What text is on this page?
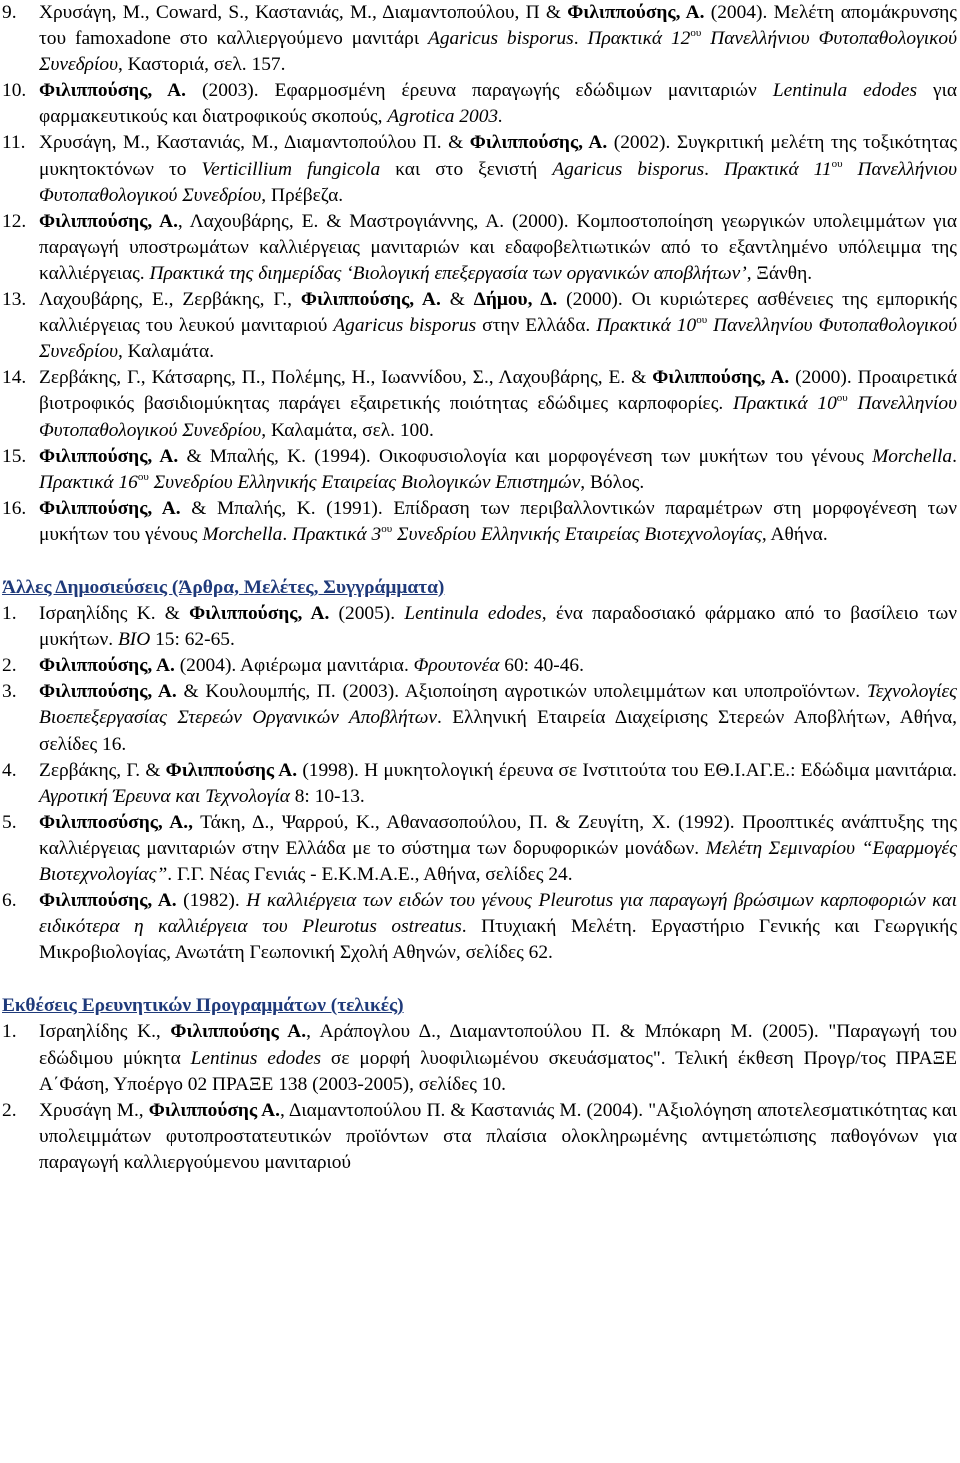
9. Χρυσάγη, Μ., Coward, S., Καστανιάς, Μ., Διαμαντοπούλου, Π & Φιλιππούσης, Α. (2004). Μελέτη απομάκρυνσης του famoxadone στο καλλιεργούμενο μανιτάρι Agaricus bisporus. Πρακτικά $12^{o\upsilon}$ Πανελλήνιου Φυτοπαθολογικού Συνεδρίου, Καστοριά, σελ. 157.
10. Φιλιππούσης, Α. (2003). Εφαρμοσμένη έρευνα παραγωγής εδώδιμων μανιταριών Lentinula edodes για φαρμακευτικούς και διατροφικούς σκοπούς, Agrotica 2003.
11. Χρυσάγη, Μ., Καστανιάς, Μ., Διαμαντοπούλου Π. & Φιλιππούσης, Α. (2002). Συγκριτική μελέτη της τοξικότητας μυκητοκτόνων το Verticillium fungicola και στο ξενιστή Agaricus bisporus. Πρακτικά $11^{o\upsilon}$ Πανελλήνιου Φυτοπαθολογικού Συνεδρίου, Πρέβεζα.
12. Φιλιππούσης, Α., Λαχουβάρης, Ε. & Μαστρογιάννης, Α. (2000). Κομποστοποίηση γεωργικών υπολειμμάτων για παραγωγή υποστρωμάτων καλλιέργειας μανιταριών και εδαφοβελτιωτικών από το εξαντλημένο υπόλειμμα της καλλιέργειας. Πρακτικά της διημερίδας ‘Βιολογική επεξεργασία των οργανικών αποβλήτων’, Ξάνθη.
13. Λαχουβάρης, Ε., Ζερβάκης, Γ., Φιλιππούσης, Α. & Δήμου, Δ. (2000). Οι κυριώτερες ασθένειες της εμπορικής καλλιέργειας του λευκού μανιταριού Agaricus bisporus στην Ελλάδα. Πρακτικά $10^{o\upsilon}$ Πανελληνίου Φυτοπαθολογικού Συνεδρίου, Καλαμάτα.
14. Ζερβάκης, Γ., Κάτσαρης, Π., Πολέμης, Η., Ιωαννίδου, Σ., Λαχουβάρης, Ε. & Φιλιππούσης, Α. (2000). Προαιρετικά βιοτροφικός βασιδιομύκητας παράγει εξαιρετικής ποιότητας εδώδιμες καρποφορίες. Πρακτικά $10^{o\upsilon}$ Πανελληνίου Φυτοπαθολογικού Συνεδρίου, Καλαμάτα, σελ. 100.
15. Φιλιππούσης, Α. & Μπαλής, Κ. (1994). Οικοφυσιολογία και μορφογένεση των μυκήτων του γένους Morchella. Πρακτικά $16^{o\upsilon}$ Συνεδρίου Ελληνικής Εταιρείας Βιολογικών Επιστημών, Βόλος.
16. Φιλιππούσης, Α. & Μπαλής, Κ. (1991). Επίδραση των περιβαλλοντικών παραμέτρων στη μορφογένεση των μυκήτων του γένους Morchella. Πρακτικά $3^{o\upsilon}$ Συνεδρίου Ελληνικής Εταιρείας Βιοτεχνολογίας, Αθήνα.
Άλλες Δημοσιεύσεις (Άρθρα, Μελέτες, Συγγράμματα)
1. Ισραηλίδης Κ. & Φιλιππούσης, Α. (2005). Lentinula edodes, ένα παραδοσιακό φάρμακο από το βασίλειο των μυκήτων. BIO 15: 62-65.
2. Φιλιππούσης, Α. (2004). Αφιέρωμα μανιτάρια. Φρουτονέα 60: 40-46.
3. Φιλιππούσης, Α. & Κουλουμπής, Π. (2003). Αξιοποίηση αγροτικών υπολειμμάτων και υποπροϊόντων. Τεχνολογίες Βιοεπεξεργασίας Στερεών Οργανικών Αποβλήτων. Ελληνική Εταιρεία Διαχείρισης Στερεών Αποβλήτων, Αθήνα, σελίδες 16.
4. Ζερβάκης, Γ. & Φιλιππούσης Α. (1998). Η μυκητολογική έρευνα σε Ινστιτούτα του ΕΘ.Ι.ΑΓ.Ε.: Εδώδιμα μανιτάρια. Αγροτική Έρευνα και Τεχνολογία 8: 10-13.
5. Φιλιπποσύσης, Α., Τάκη, Δ., Ψαρρού, Κ., Αθανασοπούλου, Π. & Ζευγίτη, Χ. (1992). Προοπτικές ανάπτυξης της καλλιέργειας μανιταριών στην Ελλάδα με το σύστημα των δορυφορικών μονάδων. Μελέτη Σεμιναρίου “Εφαρμογές Βιοτεχνολογίας”. Γ.Γ. Νέας Γενιάς - Ε.Κ.Μ.Α.Ε., Αθήνα, σελίδες 24.
6. Φιλιππούσης, Α. (1982). Η καλλιέργεια των ειδών του γένους Pleurotus για παραγωγή βρώσιμων καρποφοριών και ειδικότερα η καλλιέργεια του Pleurotus ostreatus. Πτυχιακή Μελέτη. Εργαστήριο Γενικής και Γεωργικής Μικροβιολογίας, Ανωτάτη Γεωπονική Σχολή Αθηνών, σελίδες 62.
Εκθέσεις Ερευνητικών Προγραμμάτων (τελικές)
1. Ισραηλίδης Κ., Φιλιππούσης Α., Αράπογλου Δ., Διαμαντοπούλου Π. & Μπόκαρη Μ. (2005). "Παραγωγή του εδώδιμου μύκητα Lentinus edodes σε μορφή λυοφιλιωμένου σκευάσματος". Τελική έκθεση Προγρ/τος ΠΡΑΞΕ Α΄Φάση, Υποέργο 02 ΠΡΑΞΕ 138 (2003-2005), σελίδες 10.
2. Χρυσάγη Μ., Φιλιππούσης Α., Διαμαντοπούλου Π. & Καστανιάς Μ. (2004). "Αξιολόγηση αποτελεσματικότητας και υπολειμμάτων φυτοπροστατευτικών προϊόντων στα πλαίσια ολοκληρωμένης αντιμετώπισης παθογόνων για παραγωγή καλλιεργούμενου μανιταριού
